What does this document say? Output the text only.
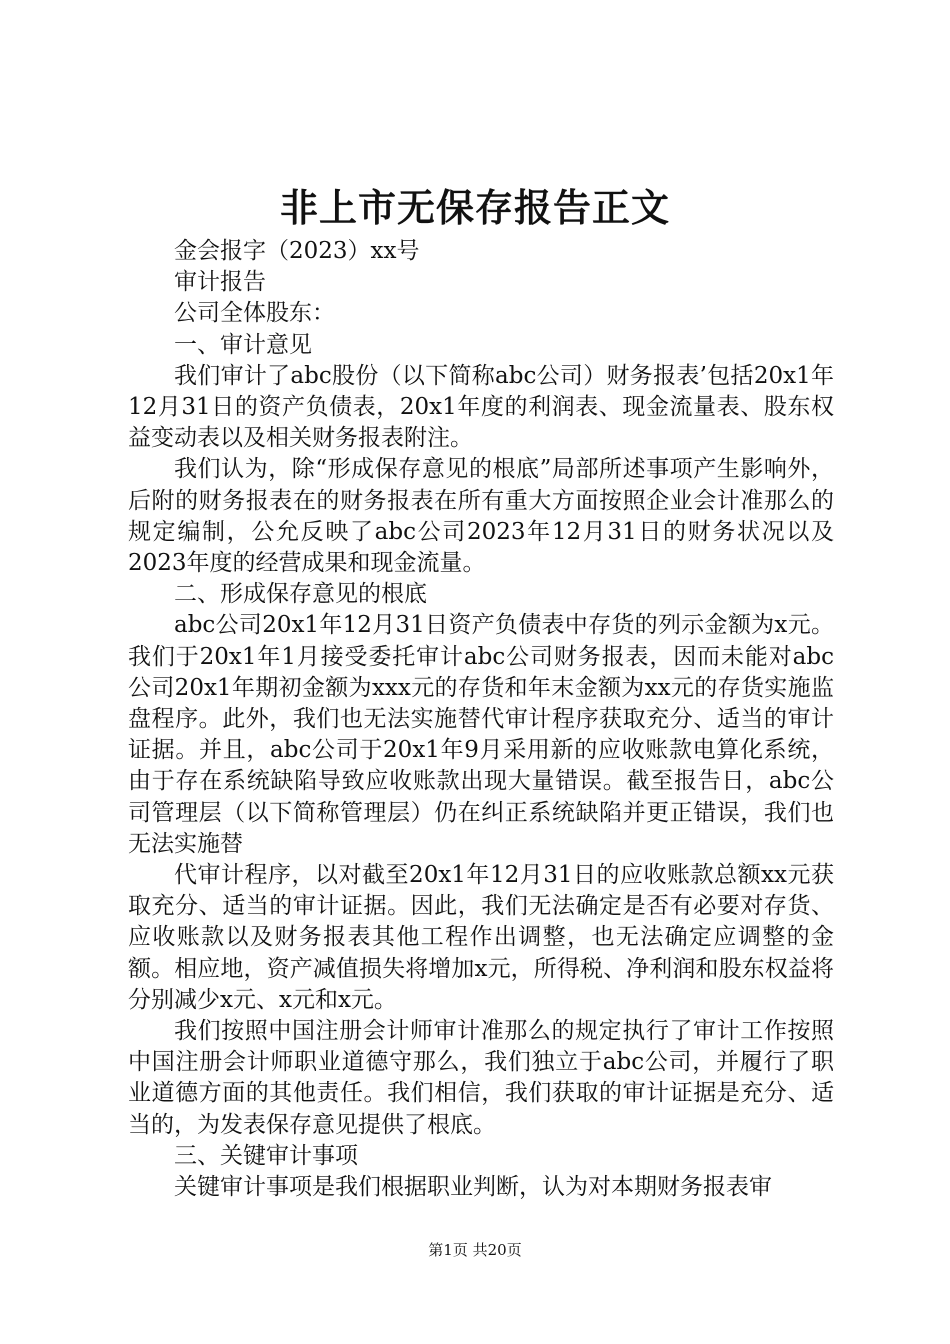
非上市无保存报告正文

金会报字（2023）xx号

审计报告

公司全体股东：

一、审计意见

我们审计了abc股份（以下简称abc公司）财务报表’包括20x1年12月31日的资产负债表，20x1年度的利润表、现金流量表、股东权益变动表以及相关财务报表附注。

我们认为，除“形成保存意见的根底”局部所述事项产生影响外，后附的财务报表在的财务报表在所有重大方面按照企业会计准那么的规定编制，公允反映了abc公司2023年12月31日的财务状况以及2023年度的经营成果和现金流量。

二、形成保存意见的根底

abc公司20x1年12月31日资产负债表中存货的列示金额为x元。我们于20x1年1月接受委托审计abc公司财务报表，因而未能对abc公司20x1年期初金额为xxx元的存货和年末金额为xx元的存货实施监盘程序。此外，我们也无法实施替代审计程序获取充分、适当的审计证据。并且，abc公司于20x1年9月采用新的应收账款电算化系统，由于存在系统缺陷导致应收账款出现大量错误。截至报告日，abc公司管理层（以下简称管理层）仍在纠正系统缺陷并更正错误，我们也无法实施替

代审计程序，以对截至20x1年12月31日的应收账款总额xx元获取充分、适当的审计证据。因此，我们无法确定是否有必要对存货、应收账款以及财务报表其他工程作出调整，也无法确定应调整的金额。相应地，资产减值损失将增加x元，所得税、净利润和股东权益将分别减少x元、x元和x元。

我们按照中国注册会计师审计准那么的规定执行了审计工作按照中国注册会计师职业道德守那么，我们独立于abc公司，并履行了职业道德方面的其他责任。我们相信，我们获取的审计证据是充分、适当的，为发表保存意见提供了根底。

三、关键审计事项

关键审计事项是我们根据职业判断，认为对本期财务报表审

第1页 共20页
